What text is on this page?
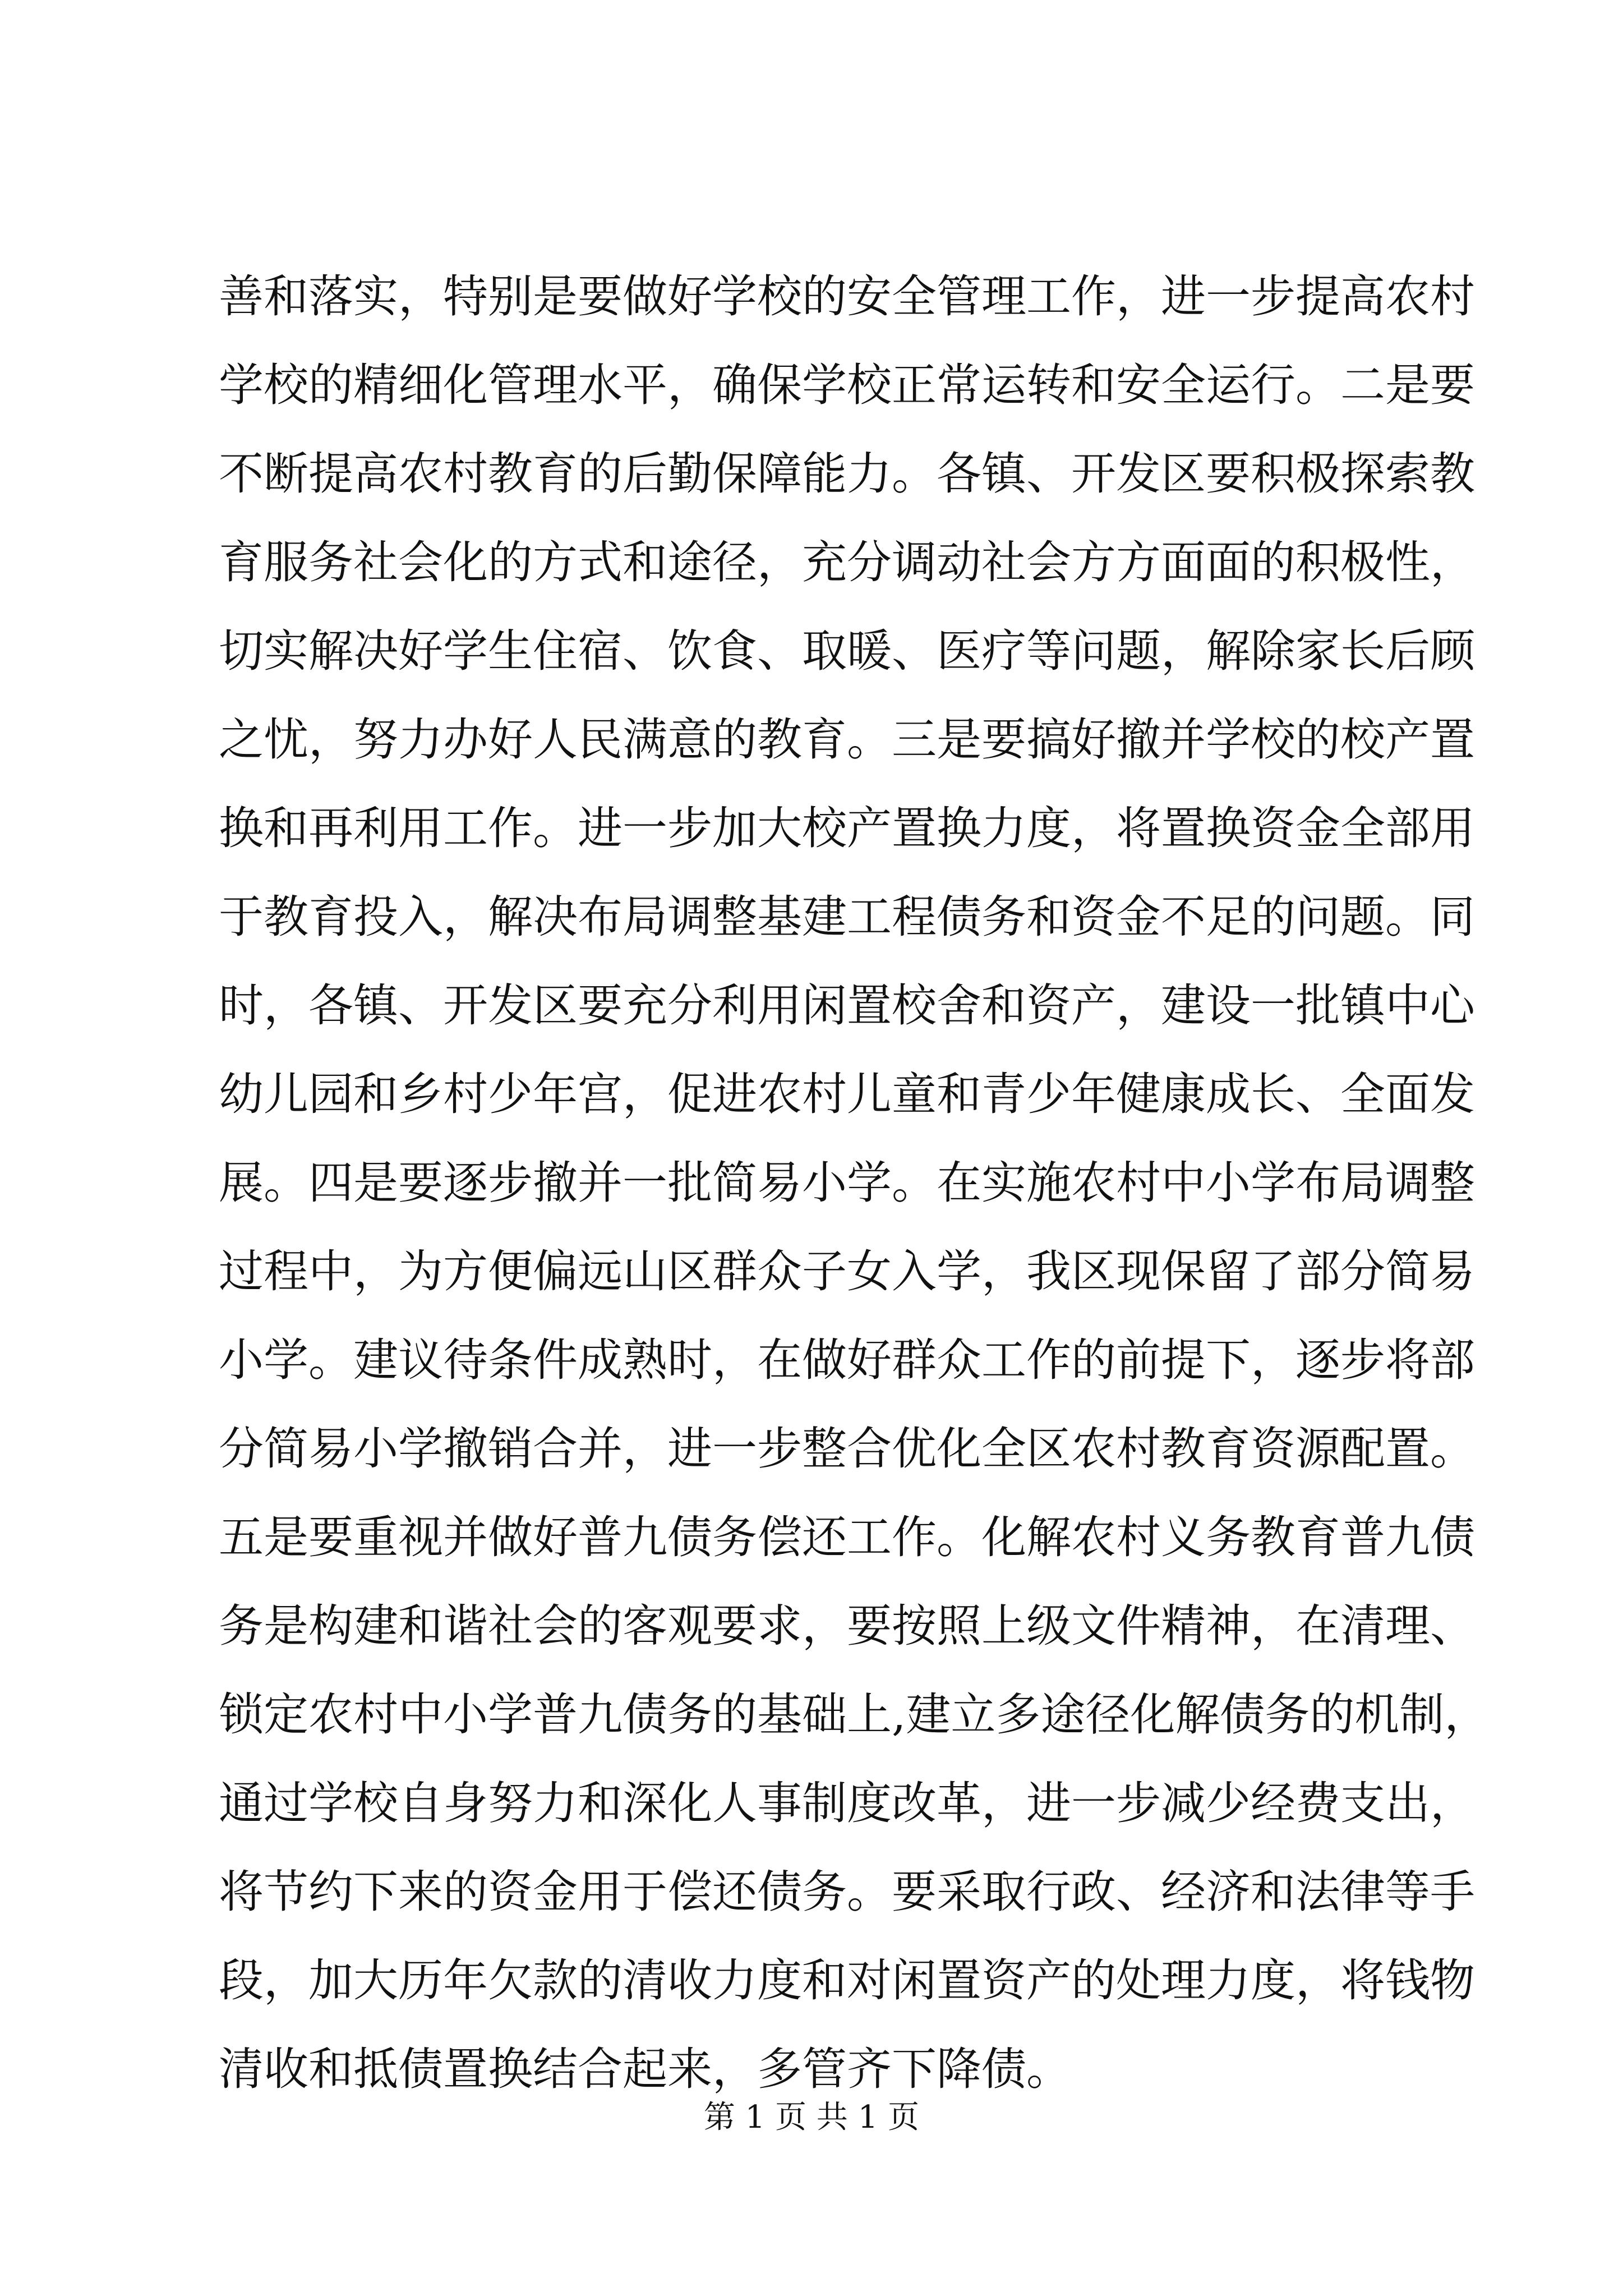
善和落实，特别是要做好学校的安全管理工作，进一步提高农村
学校的精细化管理水平，确保学校正常运转和安全运行。二是要
不断提高农村教育的后勤保障能力。各镇、开发区要积极探索教
育服务社会化的方式和途径，充分调动社会方方面面的积极性，
切实解决好学生住宿、饮食、取暖、医疗等问题，解除家长后顾
之忧，努力办好人民满意的教育。三是要搞好撤并学校的校产置
换和再利用工作。进一步加大校产置换力度，将置换资金全部用
于教育投入，解决布局调整基建工程债务和资金不足的问题。同
时，各镇、开发区要充分利用闲置校舍和资产，建设一批镇中心
幼儿园和乡村少年宫，促进农村儿童和青少年健康成长、全面发
展。四是要逐步撤并一批简易小学。在实施农村中小学布局调整
过程中，为方便偏远山区群众子女入学，我区现保留了部分简易
小学。建议待条件成熟时，在做好群众工作的前提下，逐步将部
分简易小学撤销合并，进一步整合优化全区农村教育资源配置。
五是要重视并做好普九债务偿还工作。化解农村义务教育普九债
务是构建和谐社会的客观要求，要按照上级文件精神，在清理、
锁定农村中小学普九债务的基础上,建立多途径化解债务的机制，
通过学校自身努力和深化人事制度改革，进一步减少经费支出，
将节约下来的资金用于偿还债务。要采取行政、经济和法律等手
段，加大历年欠款的清收力度和对闲置资产的处理力度，将钱物
清收和抵债置换结合起来，多管齐下降债。
第 1 页 共 1 页
